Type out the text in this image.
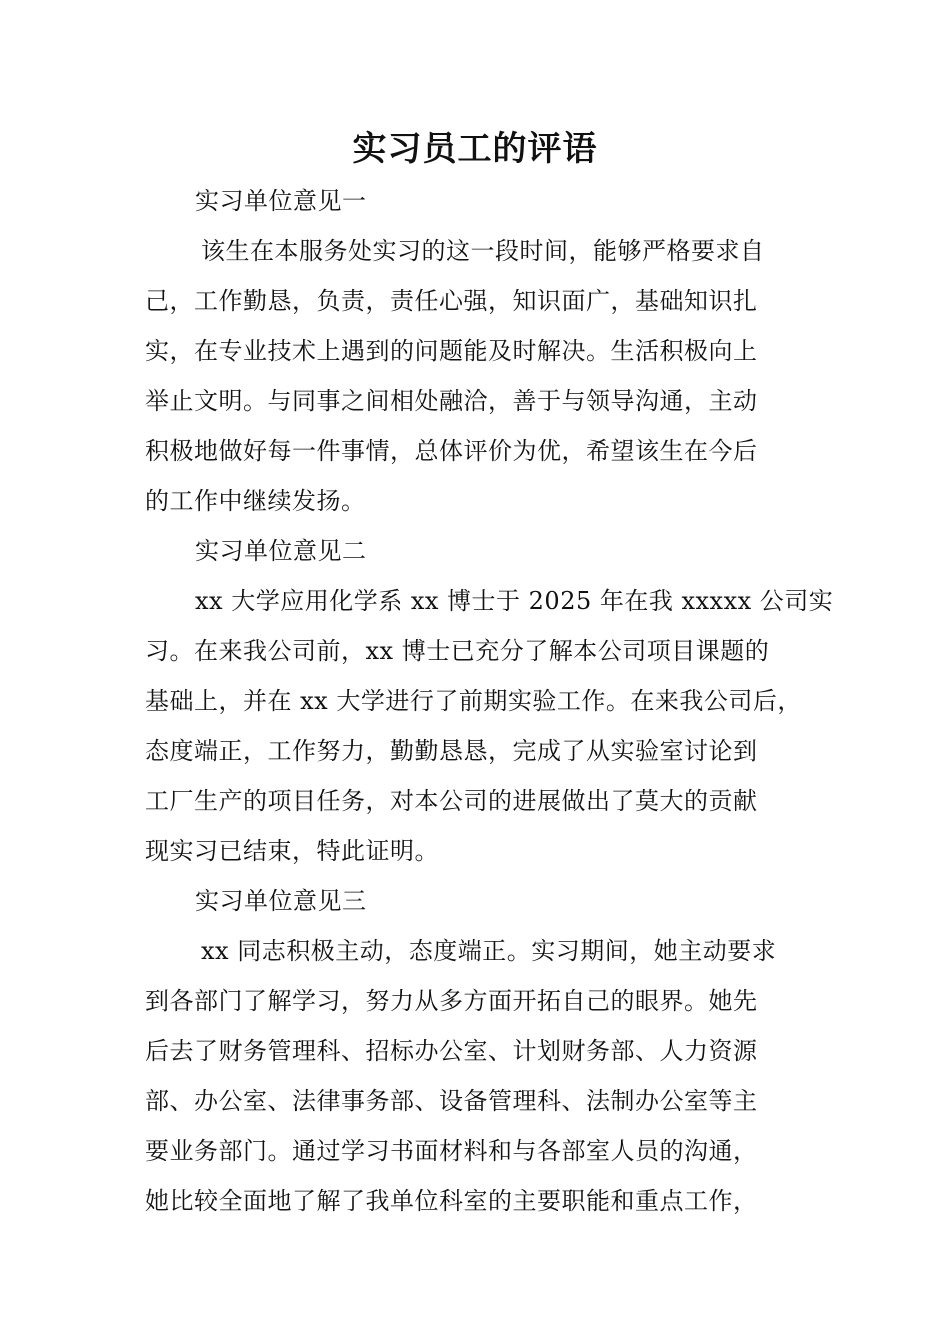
实习员工的评语
实习单位意见一
该生在本服务处实习的这一段时间，能够严格要求自
己，工作勤恳，负责，责任心强，知识面广，基础知识扎
实，在专业技术上遇到的问题能及时解决。生活积极向上
举止文明。与同事之间相处融洽，善于与领导沟通，主动
积极地做好每一件事情，总体评价为优，希望该生在今后
的工作中继续发扬。
实习单位意见二
xx 大学应用化学系 xx 博士于 2025 年在我 xxxxx 公司实
习。在来我公司前，xx 博士已充分了解本公司项目课题的
基础上，并在 xx 大学进行了前期实验工作。在来我公司后，
态度端正，工作努力，勤勤恳恳，完成了从实验室讨论到
工厂生产的项目任务，对本公司的进展做出了莫大的贡献
现实习已结束，特此证明。
实习单位意见三
xx 同志积极主动，态度端正。实习期间，她主动要求
到各部门了解学习，努力从多方面开拓自己的眼界。她先
后去了财务管理科、招标办公室、计划财务部、人力资源
部、办公室、法律事务部、设备管理科、法制办公室等主
要业务部门。通过学习书面材料和与各部室人员的沟通，
她比较全面地了解了我单位科室的主要职能和重点工作，
